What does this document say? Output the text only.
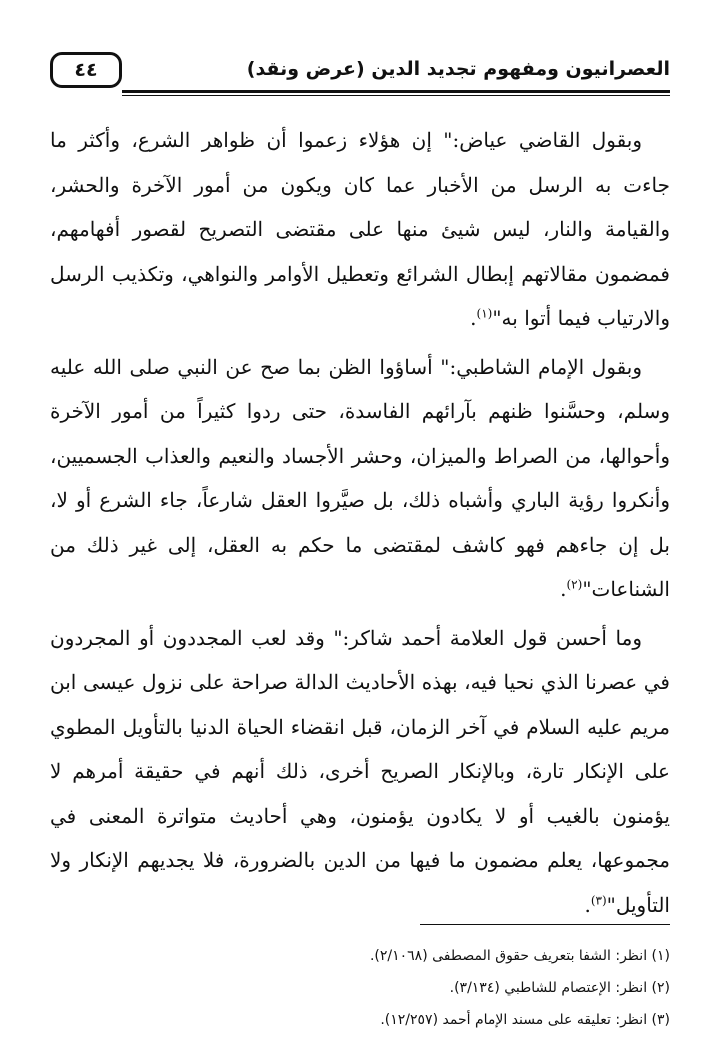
العصرانيون ومفهوم تجديد الدين (عرض ونقد)
٤٤

وبقول القاضي عياض:" إن هؤلاء زعموا أن ظواهر الشرع، وأكثر ما جاءت به الرسل من الأخبار عما كان ويكون من أمور الآخرة والحشر، والقيامة والنار، ليس شيئ منها على مقتضى التصريح لقصور أفهامهم، فمضمون مقالاتهم إبطال الشرائع وتعطيل الأوامر والنواهي، وتكذيب الرسل والارتياب فيما أتوا به"$^{(١)}$.

وبقول الإمام الشاطبي:" أساؤوا الظن بما صح عن النبي صلى الله عليه وسلم، وحسَّنوا ظنهم بآرائهم الفاسدة، حتى ردوا كثيراً من أمور الآخرة وأحوالها، من الصراط والميزان، وحشر الأجساد والنعيم والعذاب الجسميين، وأنكروا رؤية الباري وأشباه ذلك، بل صيَّروا العقل شارعاً، جاء الشرع أو لا، بل إن جاءهم فهو كاشف لمقتضى ما حكم به العقل، إلى غير ذلك من الشناعات"$^{(٢)}$.

وما أحسن قول العلامة أحمد شاكر:" وقد لعب المجددون أو المجردون في عصرنا الذي نحيا فيه، بهذه الأحاديث الدالة صراحة على نزول عيسى ابن مريم عليه السلام في آخر الزمان، قبل انقضاء الحياة الدنيا بالتأويل المطوي على الإنكار تارة، وبالإنكار الصريح أخرى، ذلك أنهم في حقيقة أمرهم لا يؤمنون بالغيب أو لا يكادون يؤمنون، وهي أحاديث متواترة المعنى في مجموعها، يعلم مضمون ما فيها من الدين بالضرورة، فلا يجديهم الإنكار ولا التأويل"$^{(٣)}$.

(١) انظر: الشفا بتعريف حقوق المصطفى (٢/١٠٦٨).

(٢) انظر: الإعتصام للشاطبي (٣/١٣٤).

(٣) انظر: تعليقه على مسند الإمام أحمد (١٢/٢٥٧).
